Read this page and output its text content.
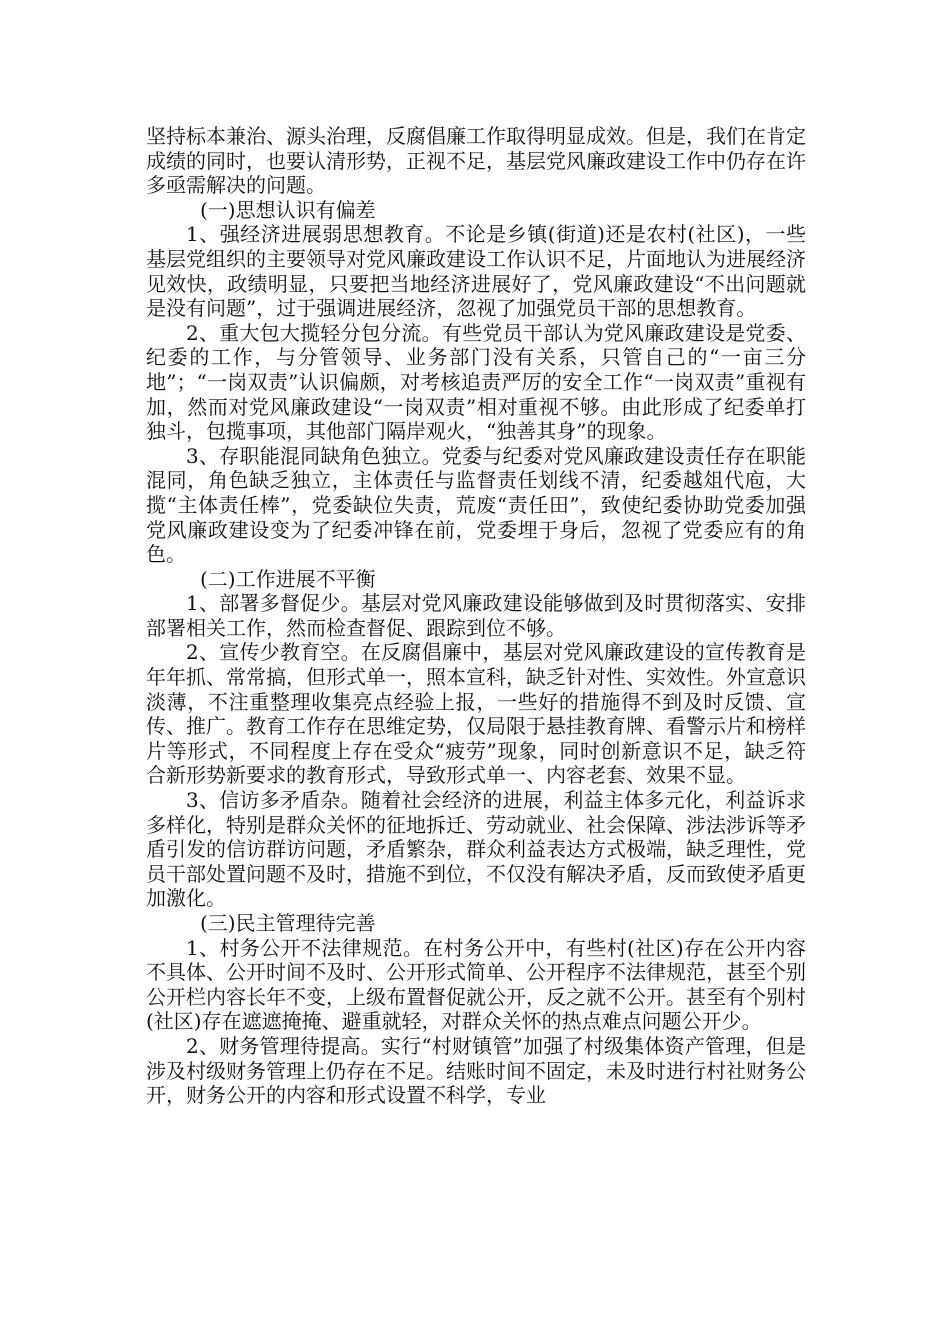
坚持标本兼治、源头治理，反腐倡廉工作取得明显成效。但是，我们在肯定成绩的同时，也要认清形势，正视不足，基层党风廉政建设工作中仍存在许多亟需解决的问题。

(一)思想认识有偏差

1、强经济进展弱思想教育。不论是乡镇(街道)还是农村(社区)，一些基层党组织的主要领导对党风廉政建设工作认识不足，片面地认为进展经济见效快，政绩明显，只要把当地经济进展好了，党风廉政建设“不出问题就是没有问题”，过于强调进展经济，忽视了加强党员干部的思想教育。

2、重大包大揽轻分包分流。有些党员干部认为党风廉政建设是党委、纪委的工作，与分管领导、业务部门没有关系，只管自己的“一亩三分地”；“一岗双责”认识偏颇，对考核追责严厉的安全工作“一岗双责”重视有加，然而对党风廉政建设“一岗双责”相对重视不够。由此形成了纪委单打独斗，包揽事项，其他部门隔岸观火，“独善其身”的现象。

3、存职能混同缺角色独立。党委与纪委对党风廉政建设责任存在职能混同，角色缺乏独立，主体责任与监督责任划线不清，纪委越俎代庖，大揽“主体责任棒”，党委缺位失责，荒废“责任田”，致使纪委协助党委加强党风廉政建设变为了纪委冲锋在前，党委埋于身后，忽视了党委应有的角色。

(二)工作进展不平衡

1、部署多督促少。基层对党风廉政建设能够做到及时贯彻落实、安排部署相关工作，然而检查督促、跟踪到位不够。

2、宣传少教育空。在反腐倡廉中，基层对党风廉政建设的宣传教育是年年抓、常常搞，但形式单一，照本宣科，缺乏针对性、实效性。外宣意识淡薄，不注重整理收集亮点经验上报，一些好的措施得不到及时反馈、宣传、推广。教育工作存在思维定势，仅局限于悬挂教育牌、看警示片和榜样片等形式，不同程度上存在受众“疲劳”现象，同时创新意识不足，缺乏符合新形势新要求的教育形式，导致形式单一、内容老套、效果不显。

3、信访多矛盾杂。随着社会经济的进展，利益主体多元化，利益诉求多样化，特别是群众关怀的征地拆迁、劳动就业、社会保障、涉法涉诉等矛盾引发的信访群访问题，矛盾繁杂，群众利益表达方式极端，缺乏理性，党员干部处置问题不及时，措施不到位，不仅没有解决矛盾，反而致使矛盾更加激化。

(三)民主管理待完善

1、村务公开不法律规范。在村务公开中，有些村(社区)存在公开内容不具体、公开时间不及时、公开形式简单、公开程序不法律规范，甚至个别公开栏内容长年不变，上级布置督促就公开，反之就不公开。甚至有个别村(社区)存在遮遮掩掩、避重就轻，对群众关怀的热点难点问题公开少。

2、财务管理待提高。实行“村财镇管”加强了村级集体资产管理，但是涉及村级财务管理上仍存在不足。结账时间不固定，未及时进行村社财务公开，财务公开的内容和形式设置不科学，专业
